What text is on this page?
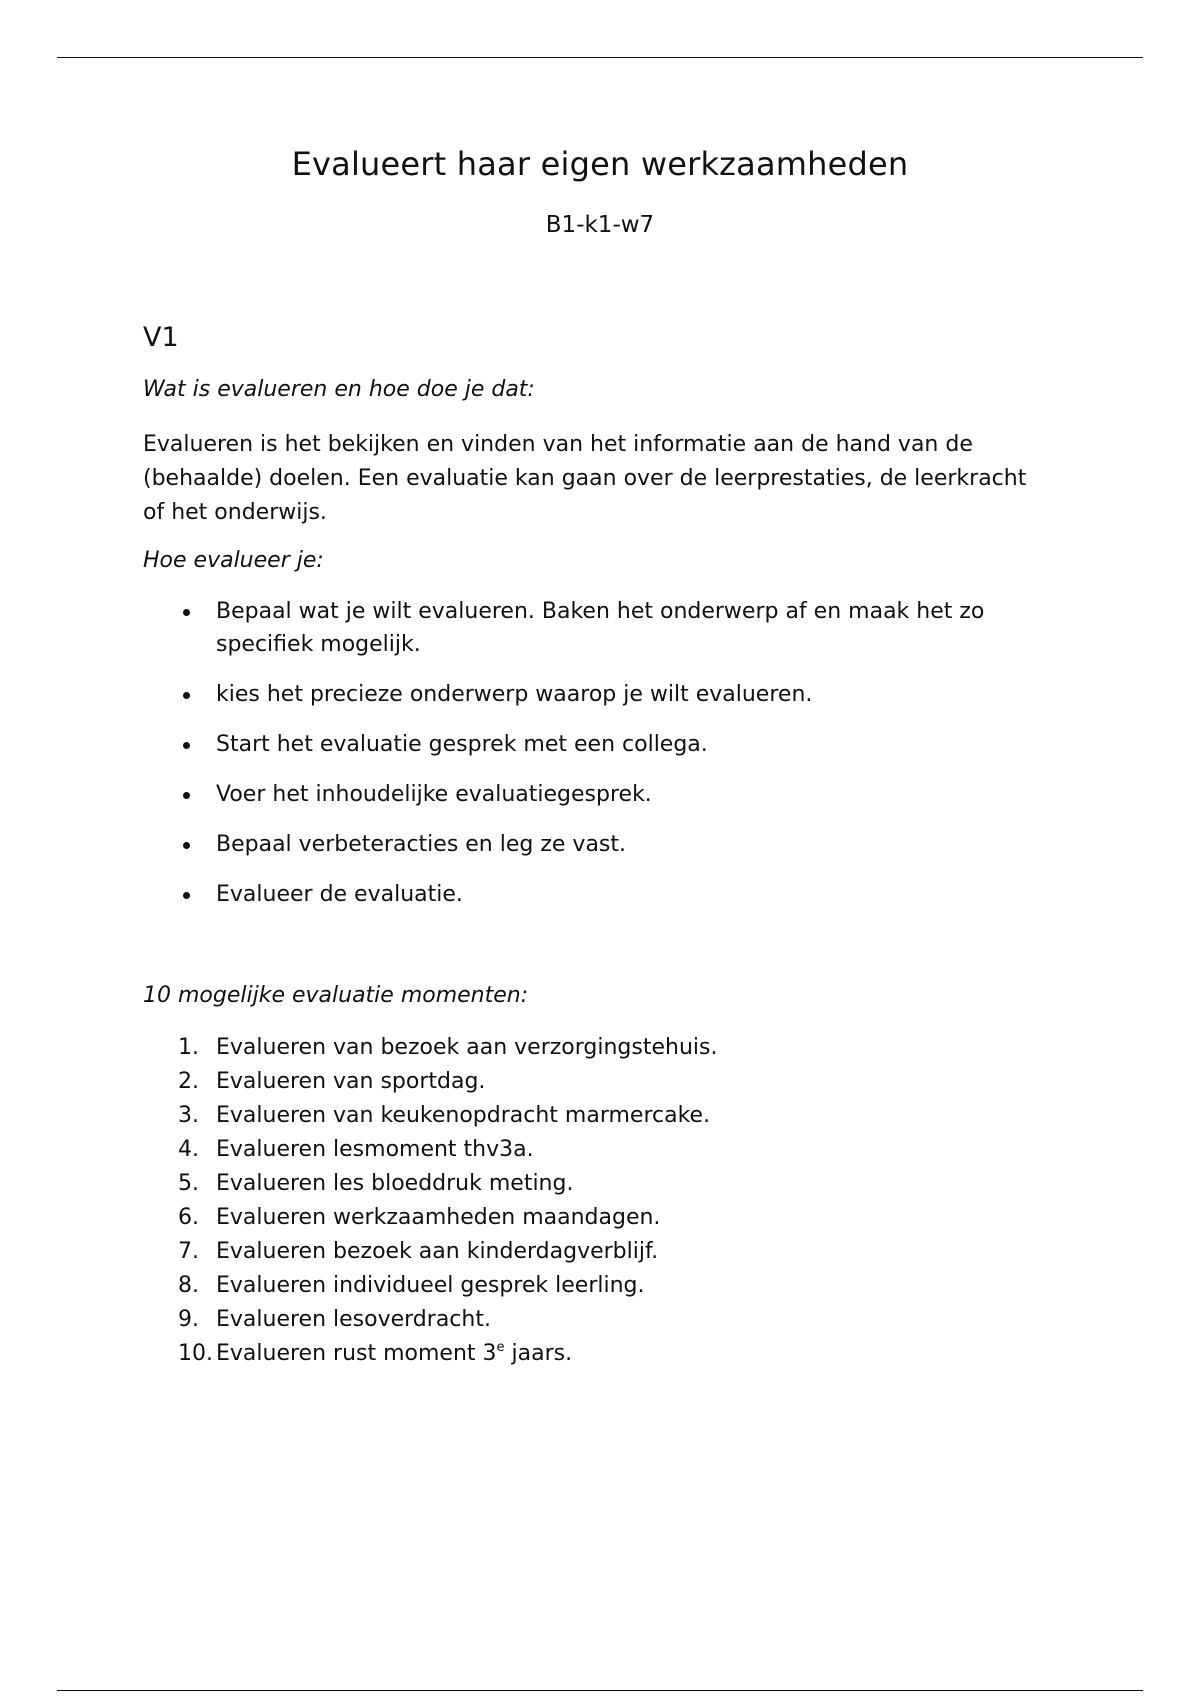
Evalueert haar eigen werkzaamheden
B1-k1-w7
V1

Wat is evalueren en hoe doe je dat:

Evalueren is het bekijken en vinden van het informatie aan de hand van de (behaalde) doelen. Een evaluatie kan gaan over de leerprestaties, de leerkracht of het onderwijs.

Hoe evalueer je:

Bepaal wat je wilt evalueren. Baken het onderwerp af en maak het zo specifiek mogelijk.
kies het precieze onderwerp waarop je wilt evalueren.
Start het evaluatie gesprek met een collega.
Voer het inhoudelijke evaluatiegesprek.
Bepaal verbeteracties en leg ze vast.
Evalueer de evaluatie.

10 mogelijke evaluatie momenten:

1. Evalueren van bezoek aan verzorgingstehuis.
2. Evalueren van sportdag.
3. Evalueren van keukenopdracht marmercake.
4. Evalueren lesmoment thv3a.
5. Evalueren les bloeddruk meting.
6. Evalueren werkzaamheden maandagen.
7. Evalueren bezoek aan kinderdagverblijf.
8. Evalueren individueel gesprek leerling.
9. Evalueren lesoverdracht.
10. Evalueren rust moment 3e jaars.
